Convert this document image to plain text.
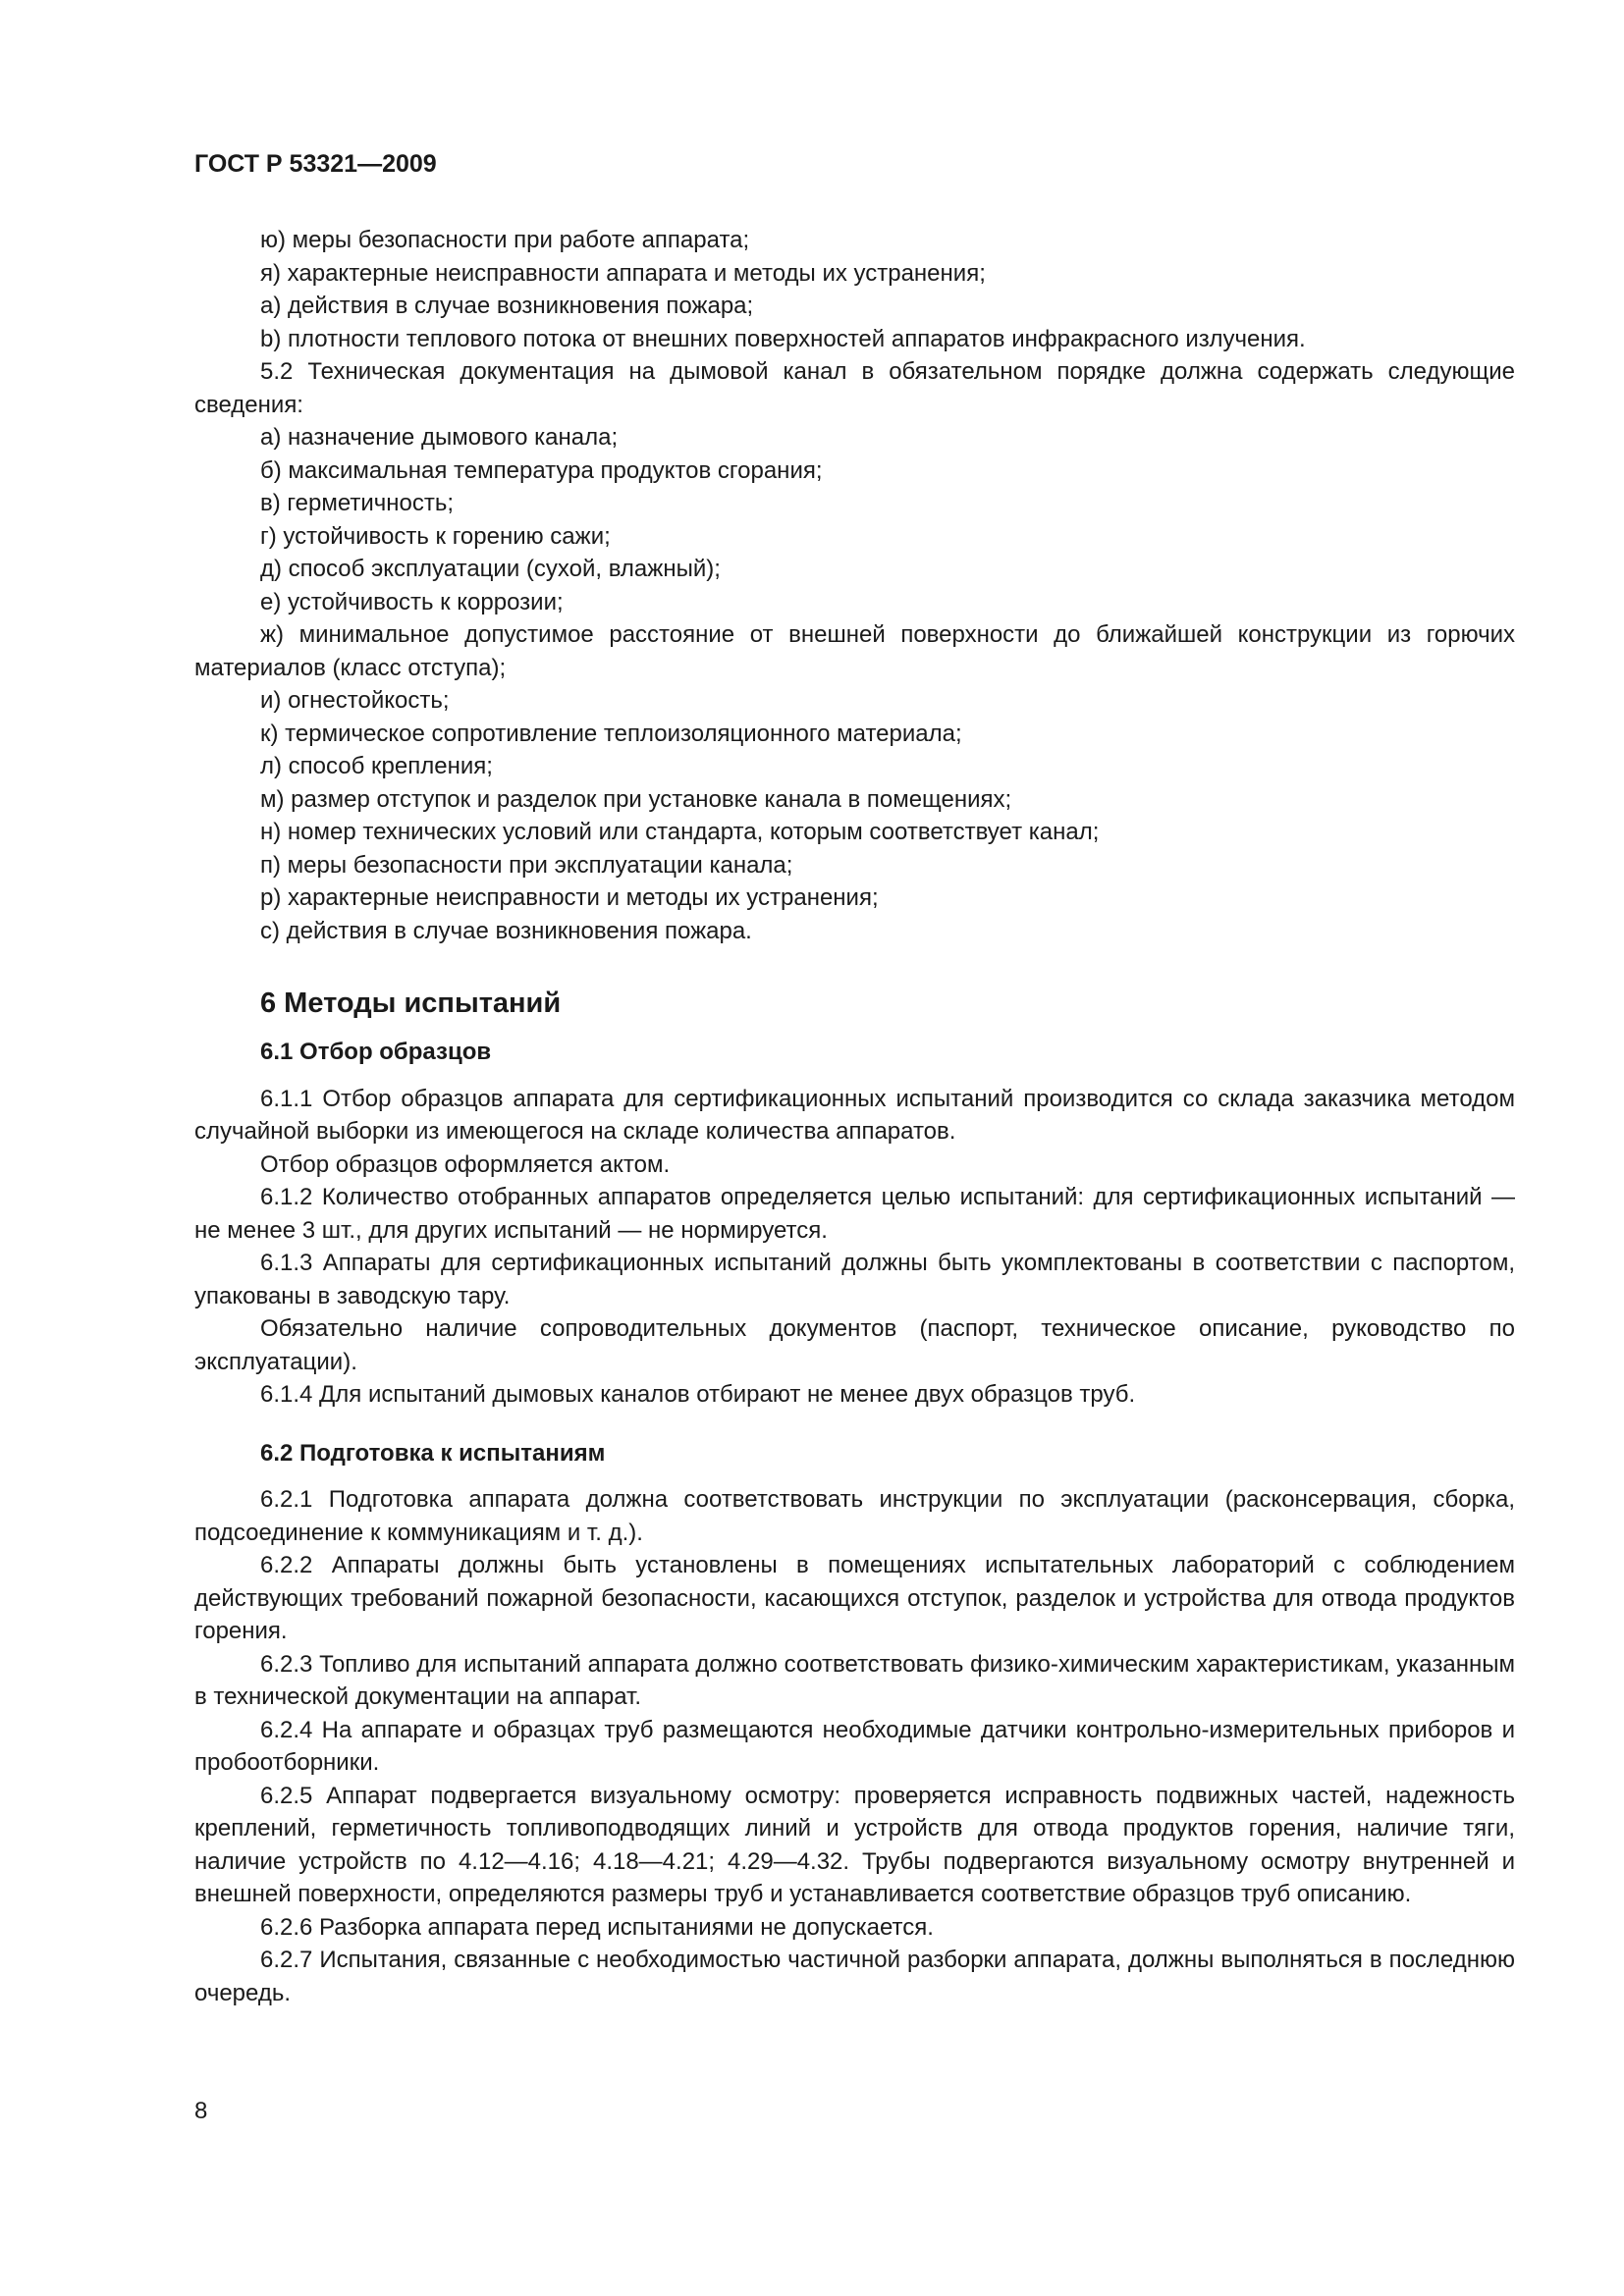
ГОСТ Р 53321—2009

ю) меры безопасности при работе аппарата;

я) характерные неисправности аппарата и методы их устранения;

a) действия в случае возникновения пожара;

b) плотности теплового потока от внешних поверхностей аппаратов инфракрасного излучения.

5.2 Техническая документация на дымовой канал в обязательном порядке должна содержать следующие сведения:

а) назначение дымового канала;

б) максимальная температура продуктов сгорания;

в) герметичность;

г) устойчивость к горению сажи;

д) способ эксплуатации (сухой, влажный);

е) устойчивость к коррозии;

ж) минимальное допустимое расстояние от внешней поверхности до ближайшей конструкции из горючих материалов (класс отступа);

и) огнестойкость;

к) термическое сопротивление теплоизоляционного материала;

л) способ крепления;

м) размер отступок и разделок при установке канала в помещениях;

н) номер технических условий или стандарта, которым соответствует канал;

п) меры безопасности при эксплуатации канала;

р) характерные неисправности и методы их устранения;

с) действия в случае возникновения пожара.

6 Методы испытаний
6.1 Отбор образцов

6.1.1 Отбор образцов аппарата для сертификационных испытаний производится со склада заказчика методом случайной выборки из имеющегося на складе количества аппаратов.

Отбор образцов оформляется актом.

6.1.2 Количество отобранных аппаратов определяется целью испытаний: для сертификационных испытаний — не менее 3 шт., для других испытаний — не нормируется.

6.1.3 Аппараты для сертификационных испытаний должны быть укомплектованы в соответствии с паспортом, упакованы в заводскую тару.

Обязательно наличие сопроводительных документов (паспорт, техническое описание, руководство по эксплуатации).

6.1.4 Для испытаний дымовых каналов отбирают не менее двух образцов труб.

6.2 Подготовка к испытаниям

6.2.1 Подготовка аппарата должна соответствовать инструкции по эксплуатации (расконсервация, сборка, подсоединение к коммуникациям и т. д.).

6.2.2 Аппараты должны быть установлены в помещениях испытательных лабораторий с соблюдением действующих требований пожарной безопасности, касающихся отступок, разделок и устройства для отвода продуктов горения.

6.2.3 Топливо для испытаний аппарата должно соответствовать физико-химическим характеристикам, указанным в технической документации на аппарат.

6.2.4 На аппарате и образцах труб размещаются необходимые датчики контрольно-измерительных приборов и пробоотборники.

6.2.5 Аппарат подвергается визуальному осмотру: проверяется исправность подвижных частей, надежность креплений, герметичность топливоподводящих линий и устройств для отвода продуктов горения, наличие тяги, наличие устройств по 4.12—4.16; 4.18—4.21; 4.29—4.32. Трубы подвергаются визуальному осмотру внутренней и внешней поверхности, определяются размеры труб и устанавливается соответствие образцов труб описанию.

6.2.6 Разборка аппарата перед испытаниями не допускается.

6.2.7 Испытания, связанные с необходимостью частичной разборки аппарата, должны выполняться в последнюю очередь.

8
